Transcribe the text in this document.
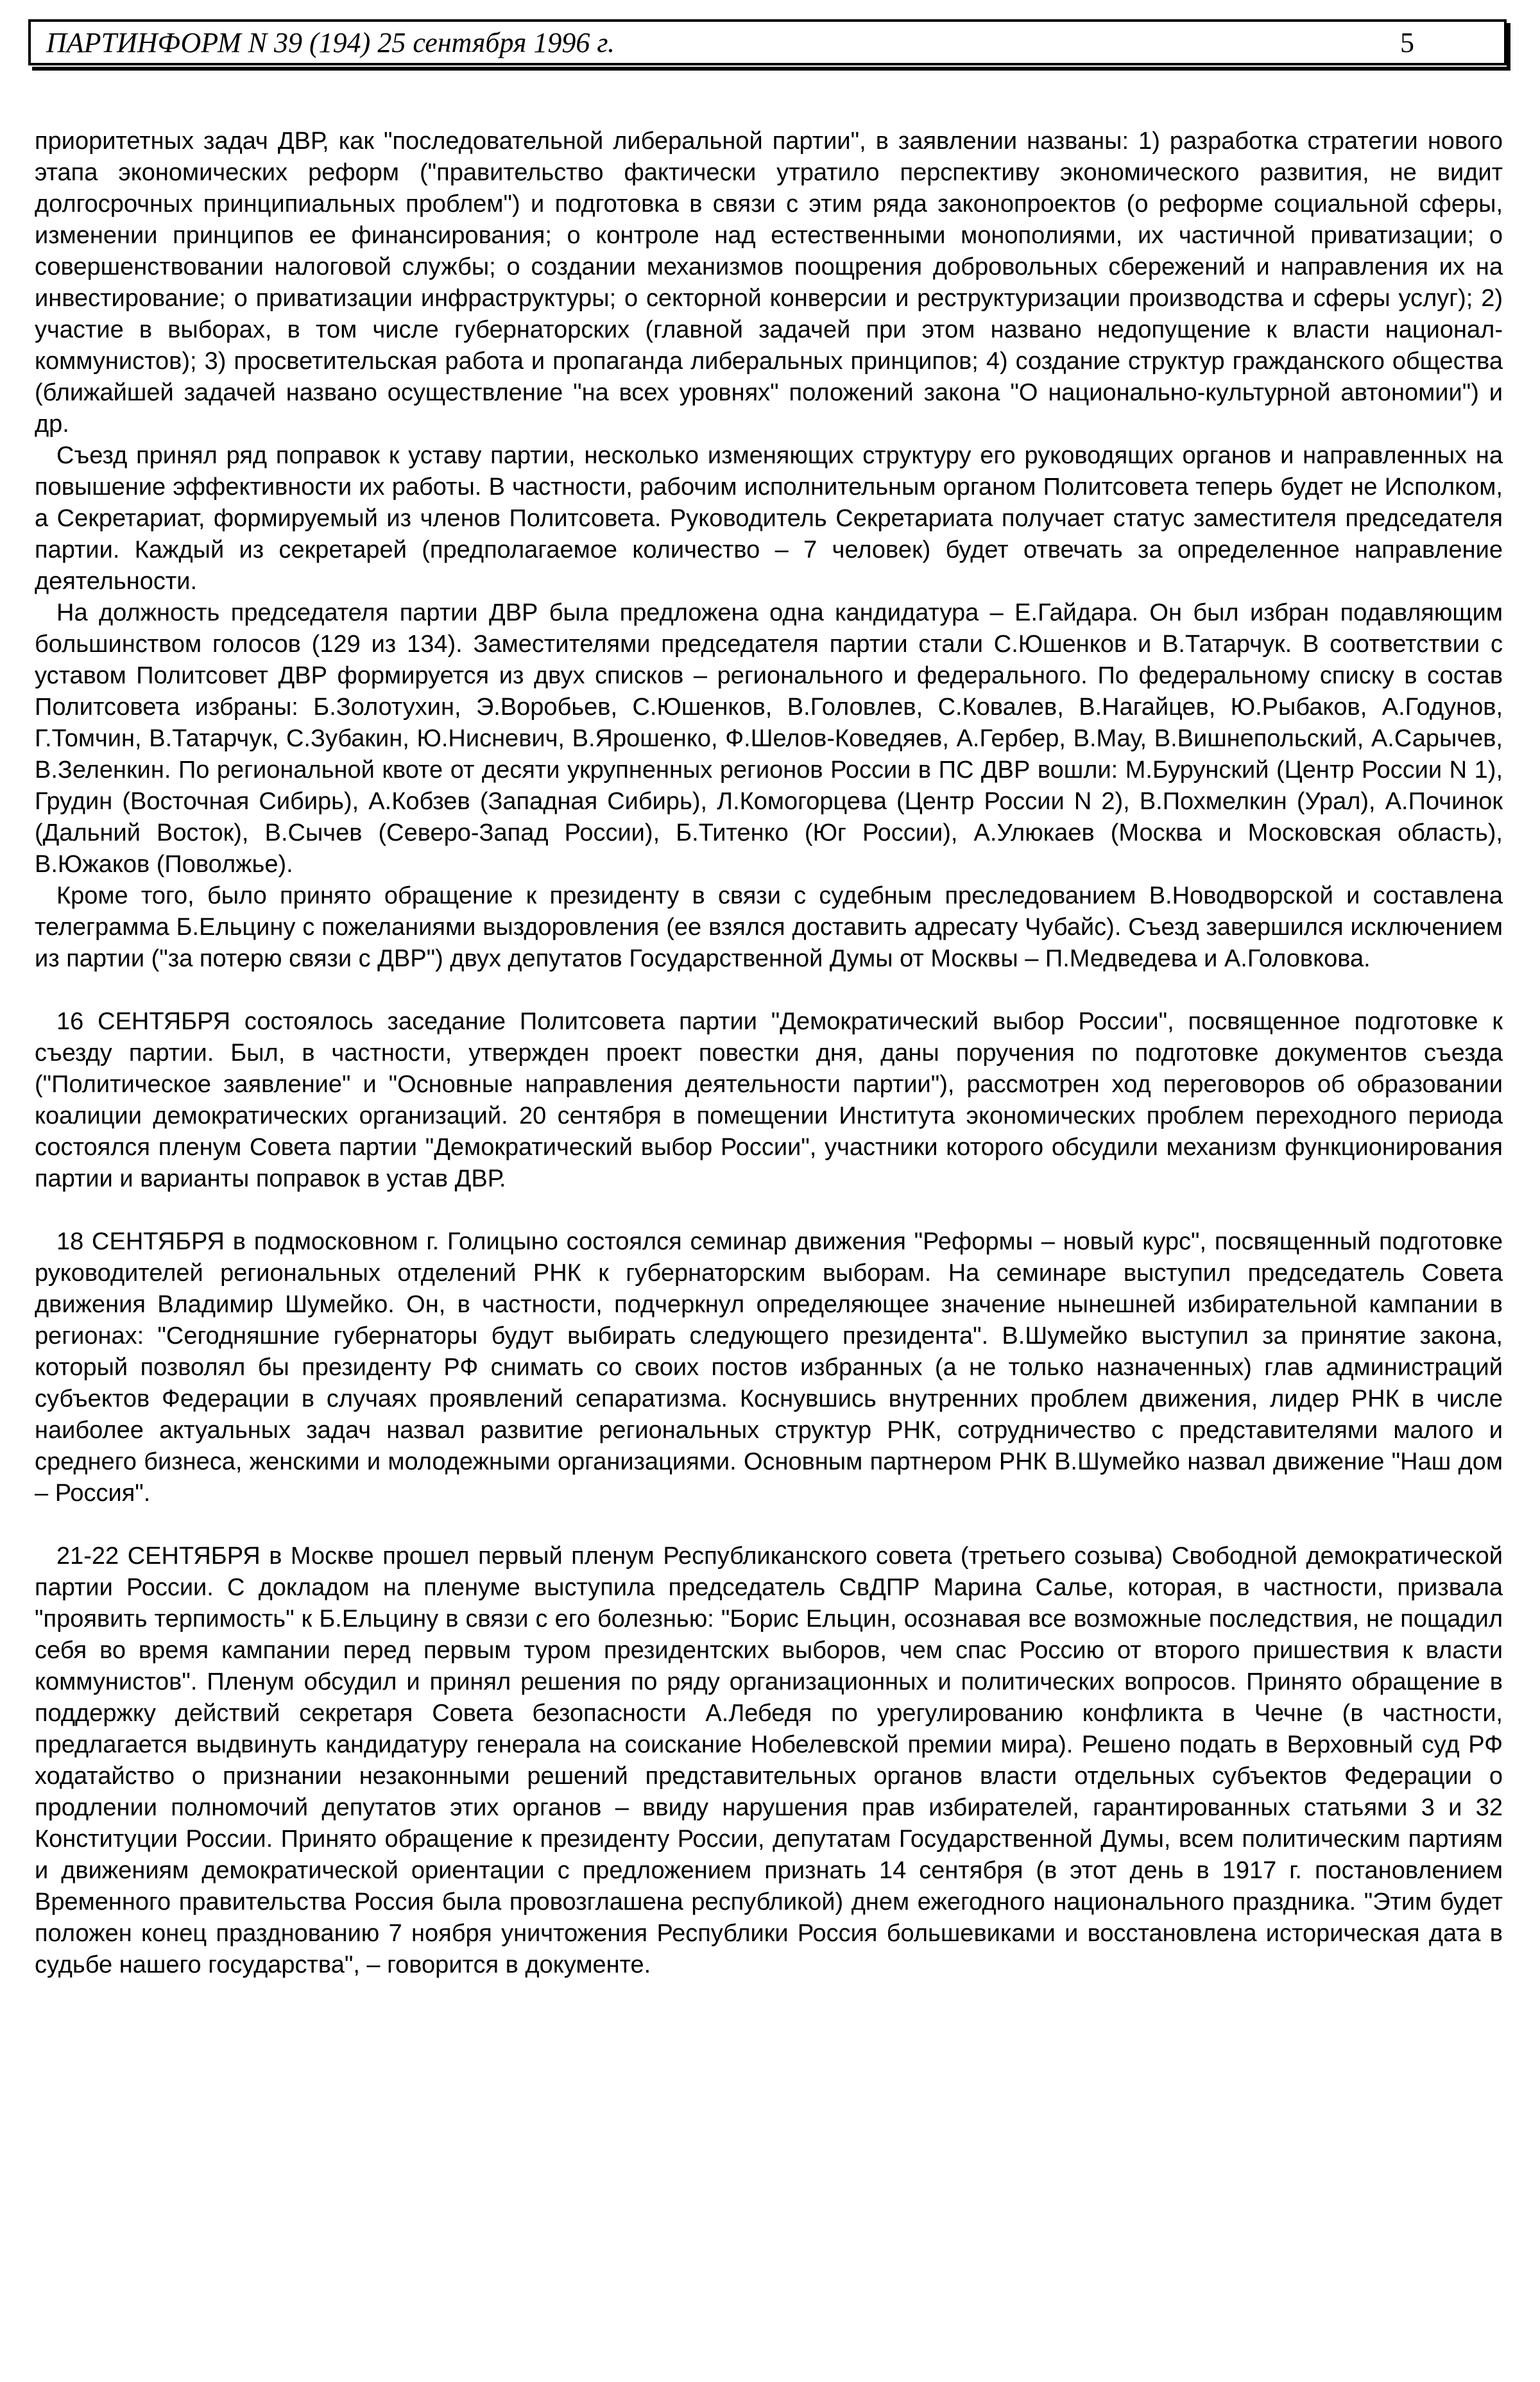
ПАРТИНФОРМ N 39 (194) 25 сентября 1996 г.	5

приоритетных задач ДВР, как "последовательной либеральной партии", в заявлении названы: 1) разработка стратегии нового этапа экономических реформ ("правительство фактически утратило перспективу экономического развития, не видит долгосрочных принципиальных проблем") и подготовка в связи с этим ряда законопроектов (о реформе социальной сферы, изменении принципов ее финансирования; о контроле над естественными монополиями, их частичной приватизации; о совершенствовании налоговой службы; о создании механизмов поощрения добровольных сбережений и направления их на инвестирование; о приватизации инфраструктуры; о секторной конверсии и реструктуризации производства и сферы услуг); 2) участие в выборах, в том числе губернаторских (главной задачей при этом названо недопущение к власти национал-коммунистов); 3) просветительская работа и пропаганда либеральных принципов; 4) создание структур гражданского общества (ближайшей задачей названо осуществление "на всех уровнях" положений закона "О национально-культурной автономии") и др.

Съезд принял ряд поправок к уставу партии, несколько изменяющих структуру его руководящих органов и направленных на повышение эффективности их работы. В частности, рабочим исполнительным органом Политсовета теперь будет не Исполком, а Секретариат, формируемый из членов Политсовета. Руководитель Секретариата получает статус заместителя председателя партии. Каждый из секретарей (предполагаемое количество – 7 человек) будет отвечать за определенное направление деятельности.

На должность председателя партии ДВР была предложена одна кандидатура – Е.Гайдара. Он был избран подавляющим большинством голосов (129 из 134). Заместителями председателя партии стали С.Юшенков и В.Татарчук. В соответствии с уставом Политсовет ДВР формируется из двух списков – регионального и федерального. По федеральному списку в состав Политсовета избраны: Б.Золотухин, Э.Воробьев, С.Юшенков, В.Головлев, С.Ковалев, В.Нагайцев, Ю.Рыбаков, А.Годунов, Г.Томчин, В.Татарчук, С.Зубакин, Ю.Нисневич, В.Ярошенко, Ф.Шелов-Коведяев, А.Гербер, В.Мау, В.Вишнепольский, А.Сарычев, В.Зеленкин. По региональной квоте от десяти укрупненных регионов России в ПС ДВР вошли: М.Бурунский (Центр России N 1), Грудин (Восточная Сибирь), А.Кобзев (Западная Сибирь), Л.Комогорцева (Центр России N 2), В.Похмелкин (Урал), А.Починок (Дальний Восток), В.Сычев (Северо-Запад России), Б.Титенко (Юг России), А.Улюкаев (Москва и Московская область), В.Южаков (Поволжье).

Кроме того, было принято обращение к президенту в связи с судебным преследованием В.Новодворской и составлена телеграмма Б.Ельцину с пожеланиями выздоровления (ее взялся доставить адресату Чубайс). Съезд завершился исключением из партии ("за потерю связи с ДВР") двух депутатов Государственной Думы от Москвы – П.Медведева и А.Головкова.

16 СЕНТЯБРЯ состоялось заседание Политсовета партии "Демократический выбор России", посвященное подготовке к съезду партии. Был, в частности, утвержден проект повестки дня, даны поручения по подготовке документов съезда ("Политическое заявление" и "Основные направления деятельности партии"), рассмотрен ход переговоров об образовании коалиции демократических организаций. 20 сентября в помещении Института экономических проблем переходного периода состоялся пленум Совета партии "Демократический выбор России", участники которого обсудили механизм функционирования партии и варианты поправок в устав ДВР.

18 СЕНТЯБРЯ в подмосковном г. Голицыно состоялся семинар движения "Реформы – новый курс", посвященный подготовке руководителей региональных отделений РНК к губернаторским выборам. На семинаре выступил председатель Совета движения Владимир Шумейко. Он, в частности, подчеркнул определяющее значение нынешней избирательной кампании в регионах: "Сегодняшние губернаторы будут выбирать следующего президента". В.Шумейко выступил за принятие закона, который позволял бы президенту РФ снимать со своих постов избранных (а не только назначенных) глав администраций субъектов Федерации в случаях проявлений сепаратизма. Коснувшись внутренних проблем движения, лидер РНК в числе наиболее актуальных задач назвал развитие региональных структур РНК, сотрудничество с представителями малого и среднего бизнеса, женскими и молодежными организациями. Основным партнером РНК В.Шумейко назвал движение "Наш дом – Россия".

21-22 СЕНТЯБРЯ в Москве прошел первый пленум Республиканского совета (третьего созыва) Свободной демократической партии России. С докладом на пленуме выступила председатель СвДПР Марина Салье, которая, в частности, призвала "проявить терпимость" к Б.Ельцину в связи с его болезнью: "Борис Ельцин, осознавая все возможные последствия, не пощадил себя во время кампании перед первым туром президентских выборов, чем спас Россию от второго пришествия к власти коммунистов". Пленум обсудил и принял решения по ряду организационных и политических вопросов. Принято обращение в поддержку действий секретаря Совета безопасности А.Лебедя по урегулированию конфликта в Чечне (в частности, предлагается выдвинуть кандидатуру генерала на соискание Нобелевской премии мира). Решено подать в Верховный суд РФ ходатайство о признании незаконными решений представительных органов власти отдельных субъектов Федерации о продлении полномочий депутатов этих органов – ввиду нарушения прав избирателей, гарантированных статьями 3 и 32 Конституции России. Принято обращение к президенту России, депутатам Государственной Думы, всем политическим партиям и движениям демократической ориентации с предложением признать 14 сентября (в этот день в 1917 г. постановлением Временного правительства Россия была провозглашена республикой) днем ежегодного национального праздника. "Этим будет положен конец празднованию 7 ноября уничтожения Республики Россия большевиками и восстановлена историческая дата в судьбе нашего государства", – говорится в документе.
